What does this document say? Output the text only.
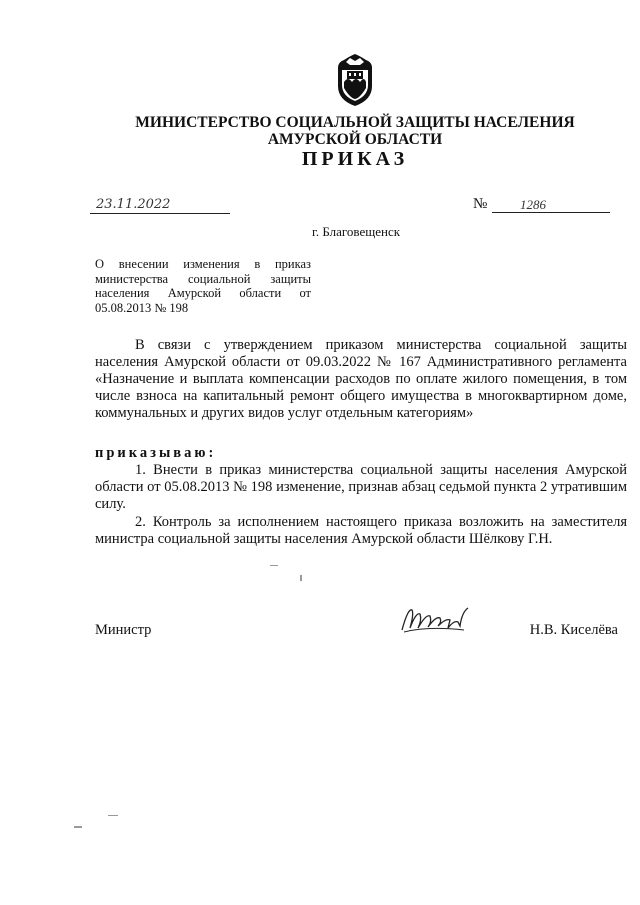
МИНИСТЕРСТВО СОЦИАЛЬНОЙ ЗАЩИТЫ НАСЕЛЕНИЯ
АМУРСКОЙ ОБЛАСТИ
ПРИКАЗ
23.11.2022	№	1286
г. Благовещенск
О внесении изменения в приказ министерства социальной защиты населения Амурской области от 05.08.2013 № 198
В связи с утверждением приказом министерства социальной защиты населения Амурской области от 09.03.2022 № 167 Административного регламента «Назначение и выплата компенсации расходов по оплате жилого помещения, в том числе взноса на капитальный ремонт общего имущества в многоквартирном доме, коммунальных и других видов услуг отдельным категориям»
приказываю:
1. Внести в приказ министерства социальной защиты населения Амурской области от 05.08.2013 № 198 изменение, признав абзац седьмой пункта 2 утратившим силу.
2. Контроль за исполнением настоящего приказа возложить на заместителя министра социальной защиты населения Амурской области Шёлкову Г.Н.
Министр	Н.В. Киселёва
